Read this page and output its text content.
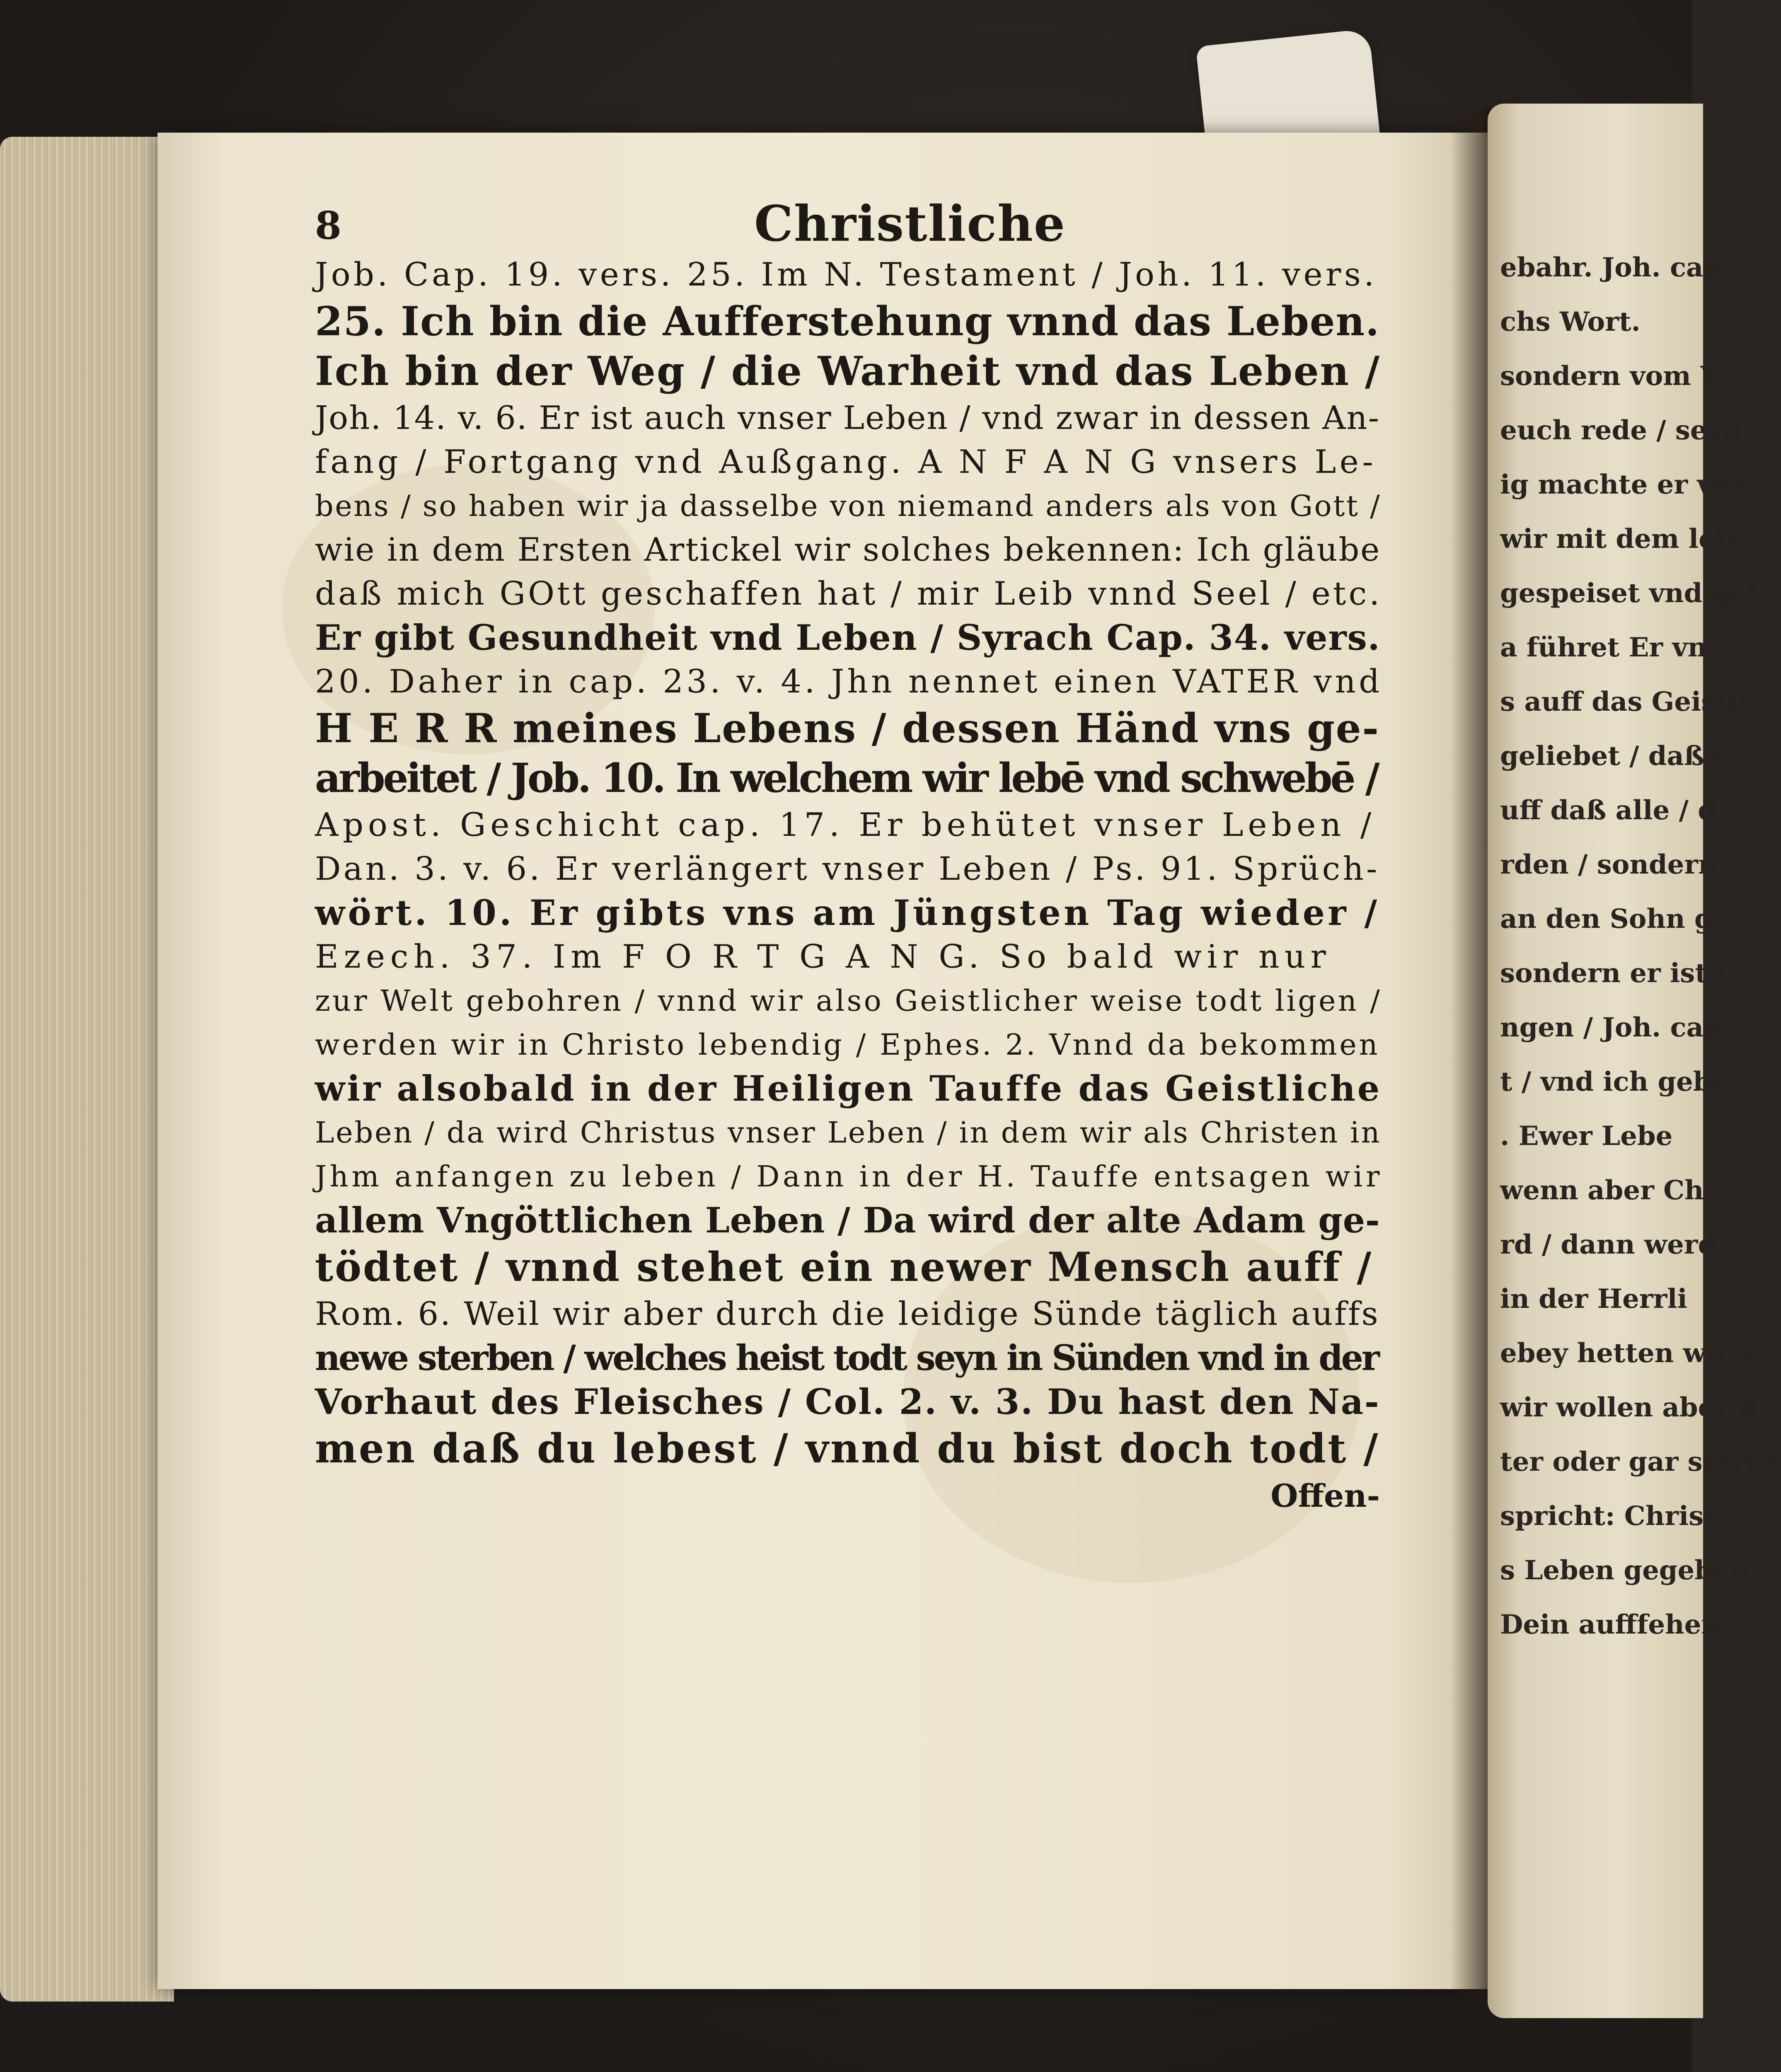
ebahr. Joh. cap.
chs Wort.
sondern vom V
euch rede / seyn
ig machte er vns
wir mit dem leb
gespeiset vnd get
a führet Er vn
s auff das Geistli
geliebet / daß G
uff daß alle / d
rden / sondern
an den Sohn g
sondern er ist v
ngen / Joh. cap
t / vnd ich gebe
. Ewer Lebe
wenn aber Ch
rd / dann werd
in der Herrli
ebey hetten wir z
wir wollen aber d
ter oder gar sterbe
spricht: Christ
s Leben gegeben:
Dein aufffehen
8	Christliche
Job. Cap. 19. vers. 25. Im N. Testament / Joh. 11. vers.
25. Ich bin die Aufferstehung vnnd das Leben.
Ich bin der Weg / die Warheit vnd das Leben /
Joh. 14. v. 6. Er ist auch vnser Leben / vnd zwar in dessen An-
fang / Fortgang vnd Außgang. A N F A N G vnsers Le-
bens / so haben wir ja dasselbe von niemand anders als von Gott /
wie in dem Ersten Artickel wir solches bekennen: Ich gläube
daß mich GOtt geschaffen hat / mir Leib vnnd Seel / etc.
Er gibt Gesundheit vnd Leben / Syrach Cap. 34. vers.
20. Daher in cap. 23. v. 4. Jhn nennet einen VATER vnd
H E R R meines Lebens / dessen Händ vns ge-
arbeitet / Job. 10. In welchem wir lebē vnd schwebē /
Apost. Geschicht cap. 17. Er behütet vnser Leben /
Dan. 3. v. 6. Er verlängert vnser Leben / Ps. 91. Sprüch-
wört. 10. Er gibts vns am Jüngsten Tag wieder /
Ezech. 37. Im F O R T G A N G. So bald wir nur
zur Welt gebohren / vnnd wir also Geistlicher weise todt ligen /
werden wir in Christo lebendig / Ephes. 2. Vnnd da bekommen
wir alsobald in der Heiligen Tauffe das Geistliche
Leben / da wird Christus vnser Leben / in dem wir als Christen in
Jhm anfangen zu leben / Dann in der H. Tauffe entsagen wir
allem Vngöttlichen Leben / Da wird der alte Adam ge-
tödtet / vnnd stehet ein newer Mensch auff /
Rom. 6. Weil wir aber durch die leidige Sünde täglich auffs
newe sterben / welches heist todt seyn in Sünden vnd in der
Vorhaut des Fleisches / Col. 2. v. 3. Du hast den Na-
men daß du lebest / vnnd du bist doch todt /
Offen-
